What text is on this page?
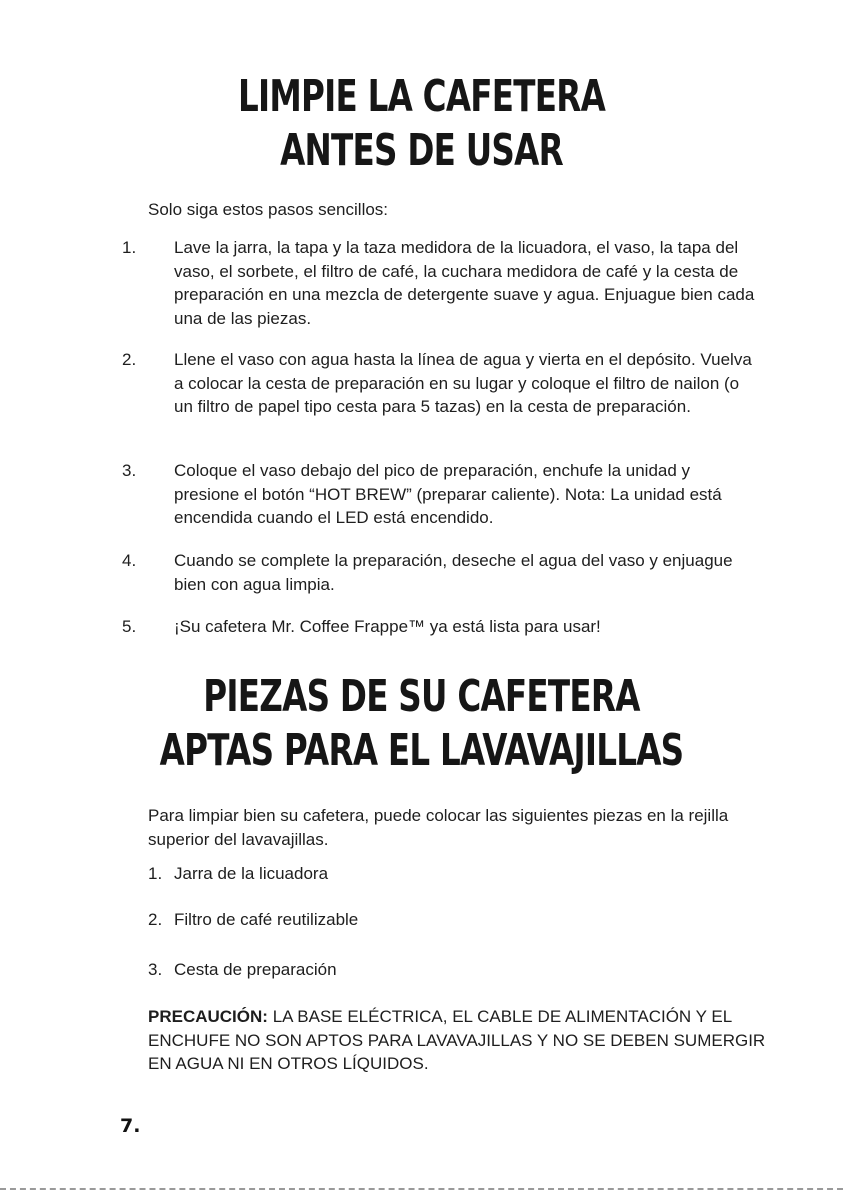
LIMPIE LA CAFETERA
ANTES DE USAR
Solo siga estos pasos sencillos:
1. Lave la jarra, la tapa y la taza medidora de la licuadora, el vaso, la tapa del vaso, el sorbete, el filtro de café, la cuchara medidora de café y la cesta de preparación en una mezcla de detergente suave y agua. Enjuague bien cada una de las piezas.
2. Llene el vaso con agua hasta la línea de agua y vierta en el depósito. Vuelva a colocar la cesta de preparación en su lugar y coloque el filtro de nailon (o un filtro de papel tipo cesta para 5 tazas) en la cesta de preparación.
3. Coloque el vaso debajo del pico de preparación, enchufe la unidad y presione el botón “HOT BREW” (preparar caliente). Nota: La unidad está encendida cuando el LED está encendido.
4. Cuando se complete la preparación, deseche el agua del vaso y enjuague bien con agua limpia.
5. ¡Su cafetera Mr. Coffee Frappe™ ya está lista para usar!
PIEZAS DE SU CAFETERA
APTAS PARA EL LAVAVAJILLAS
Para limpiar bien su cafetera, puede colocar las siguientes piezas en la rejilla superior del lavavajillas.
1. Jarra de la licuadora
2. Filtro de café reutilizable
3. Cesta de preparación
PRECAUCIÓN: LA BASE ELÉCTRICA, EL CABLE DE ALIMENTACIÓN Y EL ENCHUFE NO SON APTOS PARA LAVAVAJILLAS Y NO SE DEBEN SUMERGIR EN AGUA NI EN OTROS LÍQUIDOS.
7.
